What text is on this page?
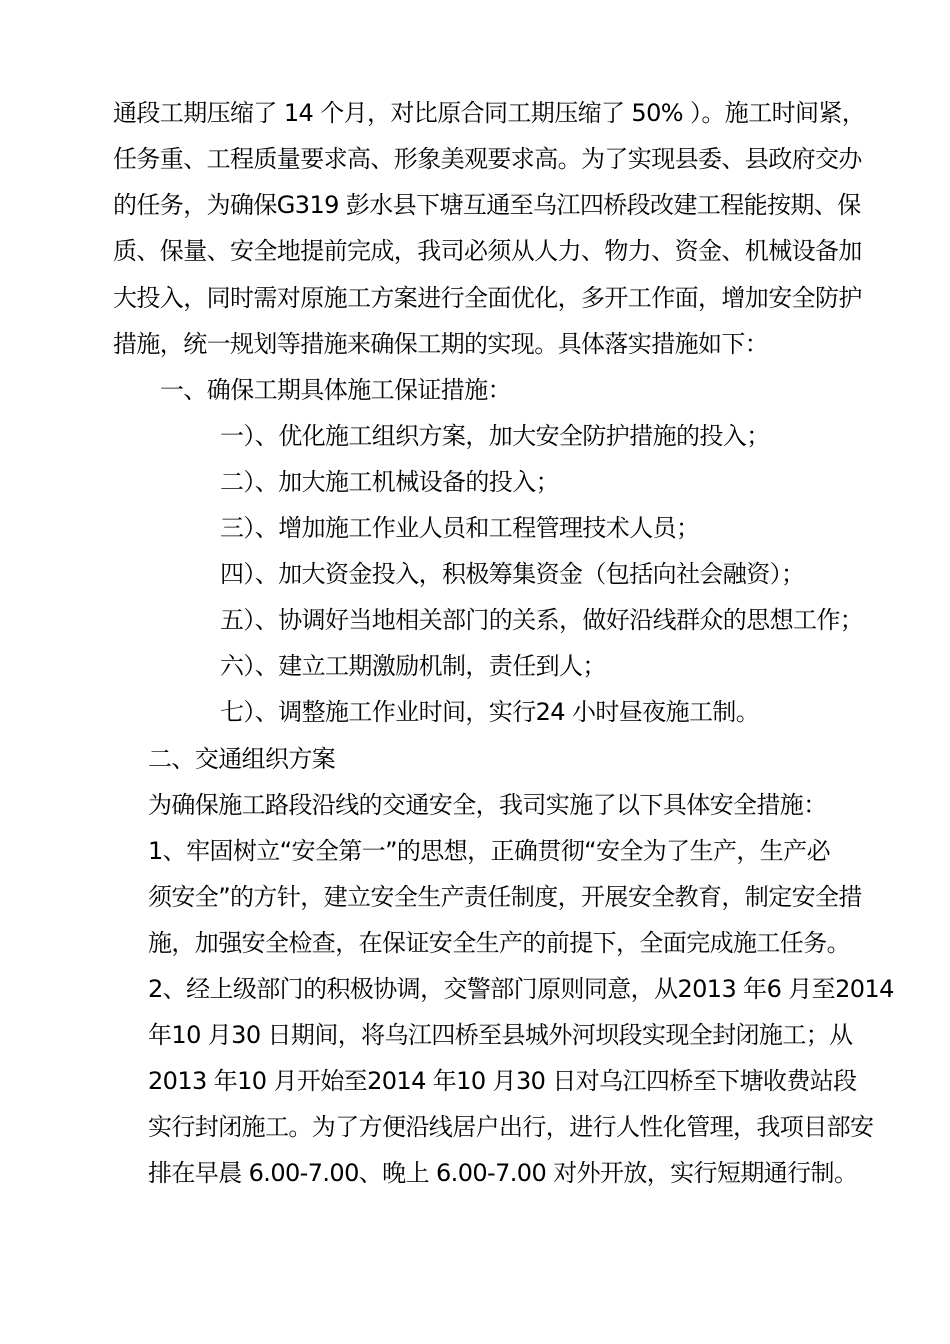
通段工期压缩了 14 个月，对比原合同工期压缩了 50% ）。施工时间紧，
任务重、工程质量要求高、形象美观要求高。为了实现县委、县政府交办
的任务，为确保G319 彭水县下塘互通至乌江四桥段改建工程能按期、保
质、保量、安全地提前完成，我司必须从人力、物力、资金、机械设备加
大投入，同时需对原施工方案进行全面优化，多开工作面，增加安全防护
措施，统一规划等措施来确保工期的实现。具体落实措施如下：
一、确保工期具体施工保证措施：
一）、优化施工组织方案，加大安全防护措施的投入；
二）、加大施工机械设备的投入；
三）、增加施工作业人员和工程管理技术人员；
四）、加大资金投入，积极筹集资金（包括向社会融资）；
五）、协调好当地相关部门的关系，做好沿线群众的思想工作；
六）、建立工期激励机制，责任到人；
七）、调整施工作业时间，实行24 小时昼夜施工制。
二、交通组织方案
为确保施工路段沿线的交通安全，我司实施了以下具体安全措施：
1、牢固树立“安全第一”的思想，正确贯彻“安全为了生产，生产必
须安全”的方针，建立安全生产责任制度，开展安全教育，制定安全措
施，加强安全检查，在保证安全生产的前提下，全面完成施工任务。
2、经上级部门的积极协调，交警部门原则同意，从2013 年6 月至2014
年10 月30 日期间，将乌江四桥至县城外河坝段实现全封闭施工；从
2013 年10 月开始至2014 年10 月30 日对乌江四桥至下塘收费站段
实行封闭施工。为了方便沿线居户出行，进行人性化管理，我项目部安
排在早晨 6.00-7.00、晚上 6.00-7.00 对外开放，实行短期通行制。
